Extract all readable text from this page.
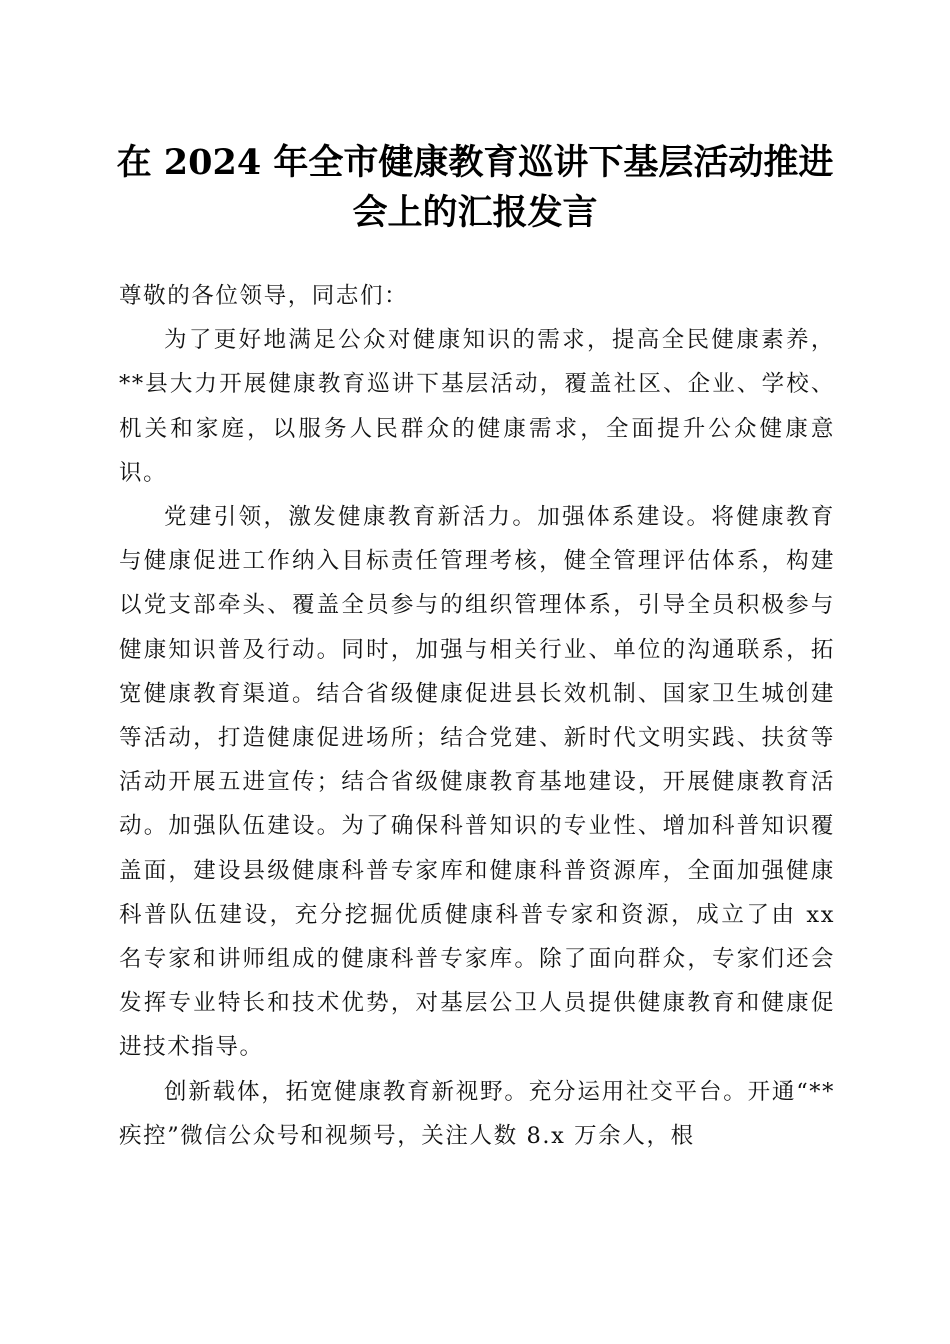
在 2024 年全市健康教育巡讲下基层活动推进
会上的汇报发言

尊敬的各位领导，同志们：

为了更好地满足公众对健康知识的需求，提高全民健康素养，**县大力开展健康教育巡讲下基层活动，覆盖社区、企业、学校、机关和家庭，以服务人民群众的健康需求，全面提升公众健康意识。

党建引领，激发健康教育新活力。加强体系建设。将健康教育与健康促进工作纳入目标责任管理考核，健全管理评估体系，构建以党支部牵头、覆盖全员参与的组织管理体系，引导全员积极参与健康知识普及行动。同时，加强与相关行业、单位的沟通联系，拓宽健康教育渠道。结合省级健康促进县长效机制、国家卫生城创建等活动，打造健康促进场所；结合党建、新时代文明实践、扶贫等活动开展五进宣传；结合省级健康教育基地建设，开展健康教育活动。加强队伍建设。为了确保科普知识的专业性、增加科普知识覆盖面，建设县级健康科普专家库和健康科普资源库，全面加强健康科普队伍建设，充分挖掘优质健康科普专家和资源，成立了由 xx 名专家和讲师组成的健康科普专家库。除了面向群众，专家们还会发挥专业特长和技术优势，对基层公卫人员提供健康教育和健康促进技术指导。

创新载体，拓宽健康教育新视野。充分运用社交平台。开通“**疾控”微信公众号和视频号，关注人数 8.x 万余人，根
